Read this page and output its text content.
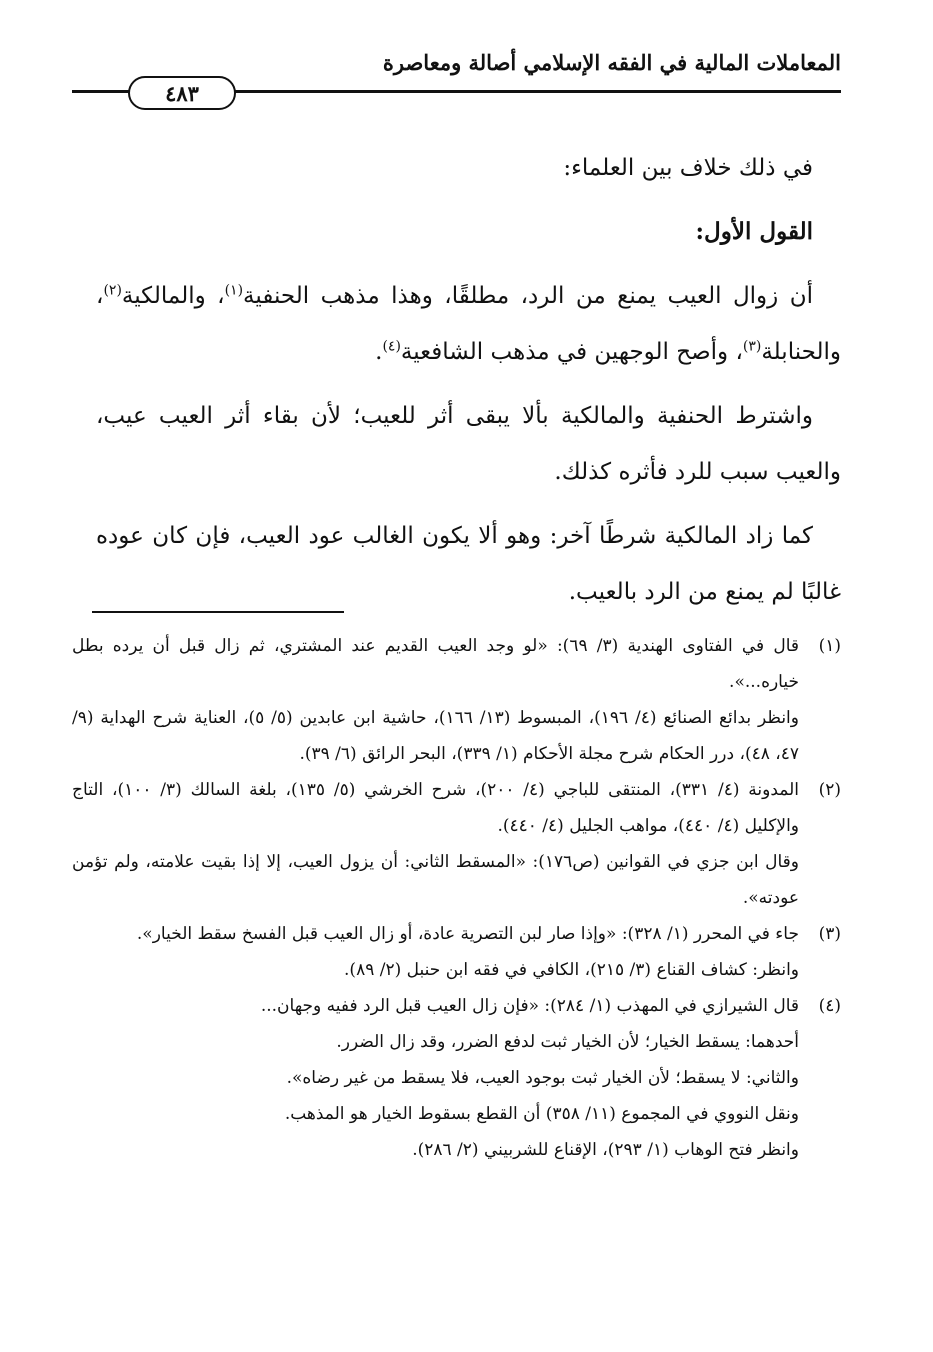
المعاملات المالية في الفقه الإسلامي أصالة ومعاصرة
٤٨٣

في ذلك خلاف بين العلماء:

القول الأول:

أن زوال العيب يمنع من الرد، مطلقًا، وهذا مذهب الحنفية$^{(١)}$، والمالكية$^{(٢)}$، والحنابلة$^{(٣)}$، وأصح الوجهين في مذهب الشافعية$^{(٤)}$.

واشترط الحنفية والمالكية بألا يبقى أثر للعيب؛ لأن بقاء أثر العيب عيب، والعيب سبب للرد فأثره كذلك.

كما زاد المالكية شرطًا آخر: وهو ألا يكون الغالب عود العيب، فإن كان عوده غالبًا لم يمنع من الرد بالعيب.

(١)

قال في الفتاوى الهندية (٣/ ٦٩): «لو وجد العيب القديم عند المشتري، ثم زال قبل أن يرده بطل خياره...».

وانظر بدائع الصنائع (٤/ ١٩٦)، المبسوط (١٣/ ١٦٦)، حاشية ابن عابدين (٥/ ٥)، العناية شرح الهداية (٩/ ٤٧، ٤٨)، درر الحكام شرح مجلة الأحكام (١/ ٣٣٩)، البحر الرائق (٦/ ٣٩).

(٢)

المدونة (٤/ ٣٣١)، المنتقى للباجي (٤/ ٢٠٠)، شرح الخرشي (٥/ ١٣٥)، بلغة السالك (٣/ ١٠٠)، التاج والإكليل (٤/ ٤٤٠)، مواهب الجليل (٤/ ٤٤٠).

وقال ابن جزي في القوانين (ص١٧٦): «المسقط الثاني: أن يزول العيب، إلا إذا بقيت علامته، ولم تؤمن عودته».

(٣)

جاء في المحرر (١/ ٣٢٨): «وإذا صار لبن التصرية عادة، أو زال العيب قبل الفسخ سقط الخيار».

وانظر: كشاف القناع (٣/ ٢١٥)، الكافي في فقه ابن حنبل (٢/ ٨٩).

(٤)

قال الشيرازي في المهذب (١/ ٢٨٤): «فإن زال العيب قبل الرد ففيه وجهان...

أحدهما: يسقط الخيار؛ لأن الخيار ثبت لدفع الضرر، وقد زال الضرر.

والثاني: لا يسقط؛ لأن الخيار ثبت بوجود العيب، فلا يسقط من غير رضاه».

ونقل النووي في المجموع (١١/ ٣٥٨) أن القطع بسقوط الخيار هو المذهب.

وانظر فتح الوهاب (١/ ٢٩٣)، الإقناع للشربيني (٢/ ٢٨٦).
